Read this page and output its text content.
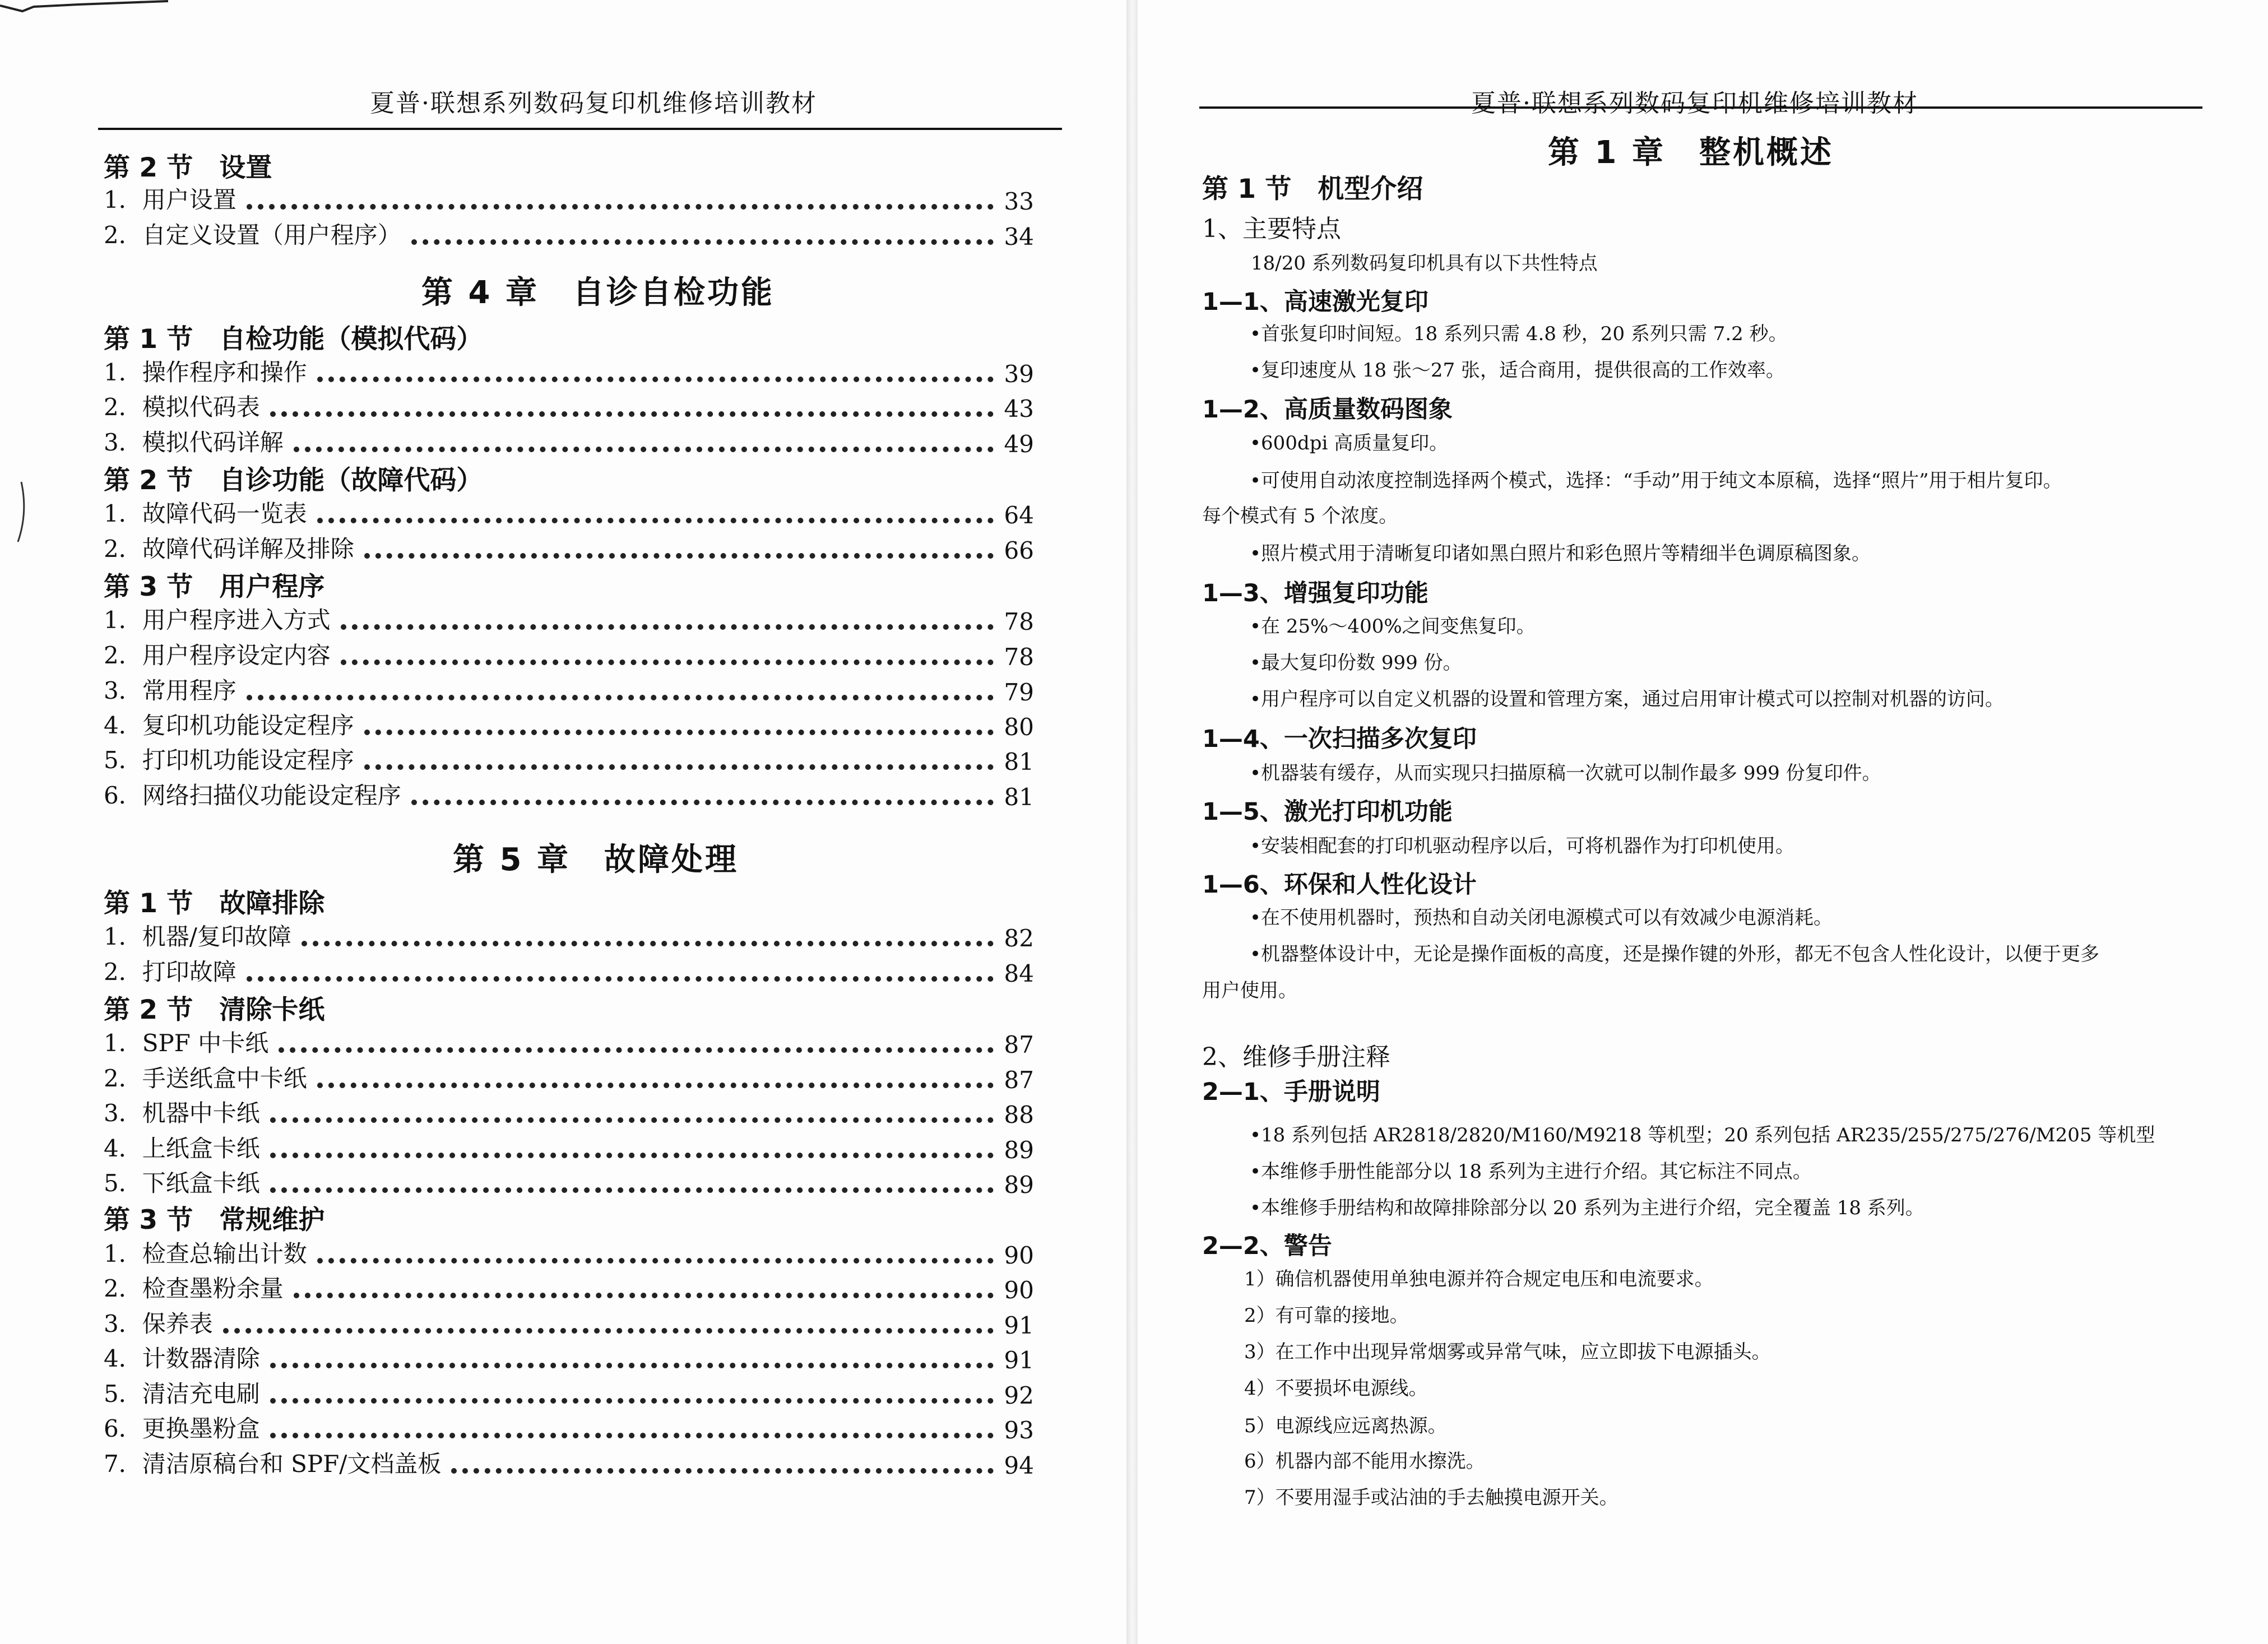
夏普·联想系列数码复印机维修培训教材
第 2 节　设置
1．用户设置	33
2．自定义设置（用户程序）	34
第 4 章　自诊自检功能
第 1 节　自检功能（模拟代码）
1．操作程序和操作	39
2．模拟代码表	43
3．模拟代码详解	49
第 2 节　自诊功能（故障代码）
1．故障代码一览表	64
2．故障代码详解及排除	66
第 3 节　用户程序
1．用户程序进入方式	78
2．用户程序设定内容	78
3．常用程序	79
4．复印机功能设定程序	80
5．打印机功能设定程序	81
6．网络扫描仪功能设定程序	81
第 5 章　故障处理
第 1 节　故障排除
1．机器/复印故障	82
2．打印故障	84
第 2 节　清除卡纸
1．SPF 中卡纸	87
2．手送纸盒中卡纸	87
3．机器中卡纸	88
4．上纸盒卡纸	89
5．下纸盒卡纸	89
第 3 节　常规维护
1．检查总输出计数	90
2．检查墨粉余量	90
3．保养表	91
4．计数器清除	91
5．清洁充电刷	92
6．更换墨粉盒	93
7．清洁原稿台和 SPF/文档盖板	94
夏普·联想系列数码复印机维修培训教材
第 1 章　整机概述
第 1 节　机型介绍
1、主要特点
18/20 系列数码复印机具有以下共性特点
1—1、高速激光复印
•首张复印时间短。18 系列只需 4.8 秒，20 系列只需 7.2 秒。
•复印速度从 18 张～27 张，适合商用，提供很高的工作效率。
1—2、高质量数码图象
•600dpi 高质量复印。
•可使用自动浓度控制选择两个模式，选择：“手动”用于纯文本原稿，选择“照片”用于相片复印。
每个模式有 5 个浓度。
•照片模式用于清晰复印诸如黑白照片和彩色照片等精细半色调原稿图象。
1—3、增强复印功能
•在 25%～400%之间变焦复印。
•最大复印份数 999 份。
•用户程序可以自定义机器的设置和管理方案，通过启用审计模式可以控制对机器的访问。
1—4、一次扫描多次复印
•机器装有缓存，从而实现只扫描原稿一次就可以制作最多 999 份复印件。
1—5、激光打印机功能
•安装相配套的打印机驱动程序以后，可将机器作为打印机使用。
1—6、环保和人性化设计
•在不使用机器时，预热和自动关闭电源模式可以有效减少电源消耗。
•机器整体设计中，无论是操作面板的高度，还是操作键的外形，都无不包含人性化设计，以便于更多
用户使用。
2、维修手册注释
2—1、手册说明
•18 系列包括 AR2818/2820/M160/M9218 等机型；20 系列包括 AR235/255/275/276/M205 等机型
•本维修手册性能部分以 18 系列为主进行介绍。其它标注不同点。
•本维修手册结构和故障排除部分以 20 系列为主进行介绍，完全覆盖 18 系列。
2—2、警告
1）确信机器使用单独电源并符合规定电压和电流要求。
2）有可靠的接地。
3）在工作中出现异常烟雾或异常气味，应立即拔下电源插头。
4）不要损坏电源线。
5）电源线应远离热源。
6）机器内部不能用水擦洗。
7）不要用湿手或沾油的手去触摸电源开关。
